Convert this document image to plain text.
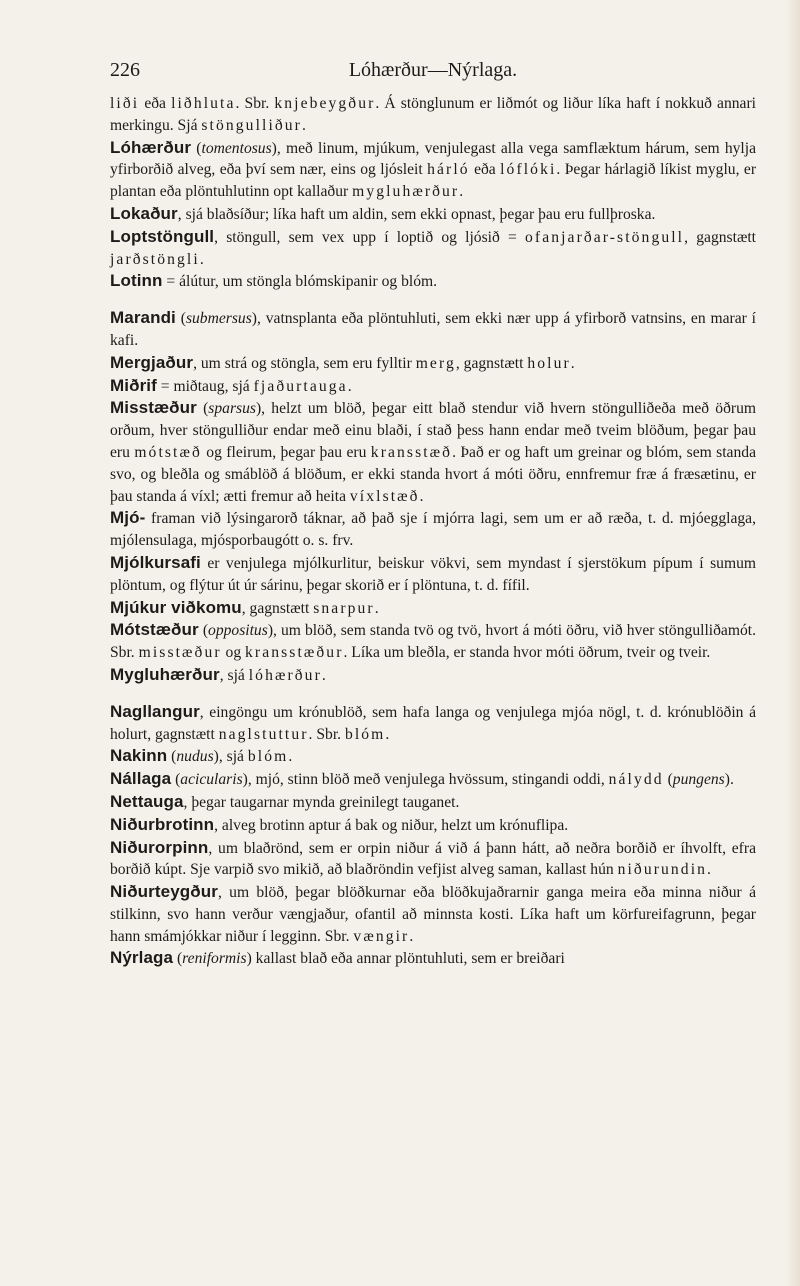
226	Lóhærður—Nýrlaga.

liði eða liðhluta. Sbr. knjebeygður. Á stönglunum er liðmót og liður líka haft í nokkuð annari merkingu. Sjá stöngulliður.

Lóhærður (tomentosus), með linum, mjúkum, venjulegast alla vega samflæktum hárum, sem hylja yfirborðið alveg, eða því sem nær, eins og ljósleit hárló eða lóflóki. Þegar hárlagið líkist myglu, er plantan eða plöntuhlutinn opt kallaður mygluhærður.

Lokaður, sjá blaðsíður; líka haft um aldin, sem ekki opnast, þegar þau eru fullþroska.

Loptstöngull, stöngull, sem vex upp í loptið og ljósið = ofanjarðar-stöngull, gagnstætt jarðstöngli.

Lotinn = álútur, um stöngla blómskipanir og blóm.

Marandi (submersus), vatnsplanta eða plöntuhluti, sem ekki nær upp á yfirborð vatnsins, en marar í kafi.

Mergjaður, um strá og stöngla, sem eru fylltir merg, gagnstætt holur.

Miðrif = miðtaug, sjá fjaðurtauga.

Misstæður (sparsus), helzt um blöð, þegar eitt blað stendur við hvern stöngulliðeða með öðrum orðum, hver stöngulliður endar með einu blaði, í stað þess hann endar með tveim blöðum, þegar þau eru mótstæð og fleirum, þegar þau eru kransstæð. Það er og haft um greinar og blóm, sem standa svo, og bleðla og smáblöð á blöðum, er ekki standa hvort á móti öðru, ennfremur fræ á fræsætinu, er þau standa á víxl; ætti fremur að heita víxlstæð.

Mjó- framan við lýsingarorð táknar, að það sje í mjórra lagi, sem um er að ræða, t. d. mjóegglaga, mjólensulaga, mjósporbaugótt o. s. frv.

Mjólkursafi er venjulega mjólkurlitur, beiskur vökvi, sem myndast í sjerstökum pípum í sumum plöntum, og flýtur út úr sárinu, þegar skorið er í plöntuna, t. d. fífil.

Mjúkur viðkomu, gagnstætt snarpur.

Mótstæður (oppositus), um blöð, sem standa tvö og tvö, hvort á móti öðru, við hver stöngulliðamót. Sbr. misstæður og kransstæður. Líka um bleðla, er standa hvor móti öðrum, tveir og tveir.

Mygluhærður, sjá lóhærður.

Nagllangur, eingöngu um krónublöð, sem hafa langa og venjulega mjóa nögl, t. d. krónublöðin á holurt, gagnstætt naglstuttur. Sbr. blóm.

Nakinn (nudus), sjá blóm.

Nállaga (acicularis), mjó, stinn blöð með venjulega hvössum, stingandi oddi, nálydd (pungens).

Nettauga, þegar taugarnar mynda greinilegt tauganet.

Niðurbrotinn, alveg brotinn aptur á bak og niður, helzt um krónuflipa.

Niðurorpinn, um blaðrönd, sem er orpin niður á við á þann hátt, að neðra borðið er íhvolft, efra borðið kúpt. Sje varpið svo mikið, að blaðröndin vefjist alveg saman, kallast hún niðurundin.

Niðurteygður, um blöð, þegar blöðkurnar eða blöðkujaðrarnir ganga meira eða minna niður á stilkinn, svo hann verður vængjaður, ofantil að minnsta kosti. Líka haft um körfureifagrunn, þegar hann smámjókkar niður í legginn. Sbr. vængir.

Nýrlaga (reniformis) kallast blað eða annar plöntuhluti, sem er breiðari
